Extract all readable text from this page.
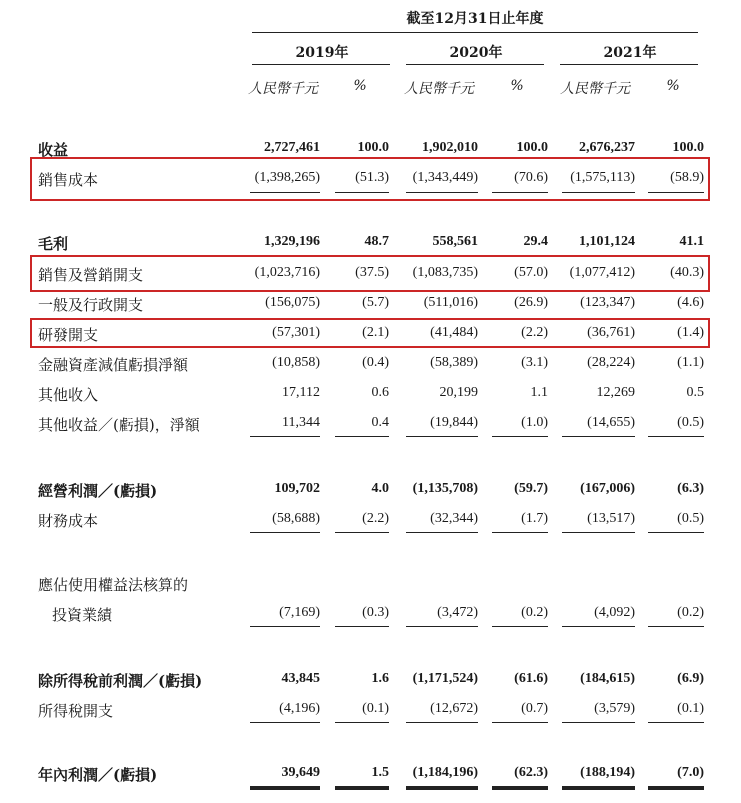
截至12月31日止年度
2019年	2020年	2021年
人民幣千元	%	人民幣千元	%	人民幣千元	%
收益	2,727,461	100.0	1,902,010	100.0	2,676,237	100.0
銷售成本	(1,398,265)	(51.3)	(1,343,449)	(70.6)	(1,575,113)	(58.9)
毛利	1,329,196	48.7	558,561	29.4	1,101,124	41.1
銷售及營銷開支	(1,023,716)	(37.5)	(1,083,735)	(57.0)	(1,077,412)	(40.3)
一般及行政開支	(156,075)	(5.7)	(511,016)	(26.9)	(123,347)	(4.6)
研發開支	(57,301)	(2.1)	(41,484)	(2.2)	(36,761)	(1.4)
金融資產減值虧損淨額	(10,858)	(0.4)	(58,389)	(3.1)	(28,224)	(1.1)
其他收入	17,112	0.6	20,199	1.1	12,269	0.5
其他收益／(虧損)，淨額	11,344	0.4	(19,844)	(1.0)	(14,655)	(0.5)
經營利潤／(虧損)	109,702	4.0	(1,135,708)	(59.7)	(167,006)	(6.3)
財務成本	(58,688)	(2.2)	(32,344)	(1.7)	(13,517)	(0.5)
應佔使用權益法核算的
投資業績	(7,169)	(0.3)	(3,472)	(0.2)	(4,092)	(0.2)
除所得稅前利潤／(虧損)	43,845	1.6	(1,171,524)	(61.6)	(184,615)	(6.9)
所得稅開支	(4,196)	(0.1)	(12,672)	(0.7)	(3,579)	(0.1)
年內利潤／(虧損)	39,649	1.5	(1,184,196)	(62.3)	(188,194)	(7.0)
